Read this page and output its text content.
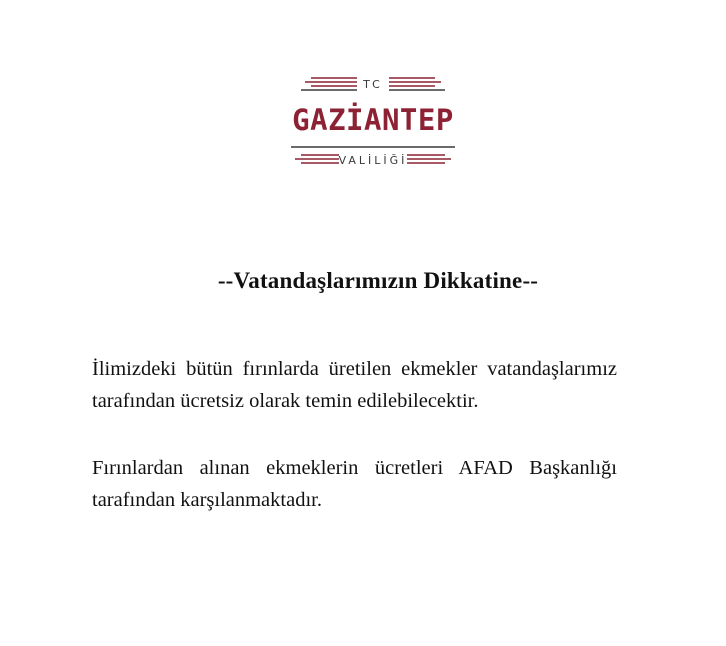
TC
GAZİANTEP
VALİLİĞİ
--Vatandaşlarımızın Dikkatine--

İlimizdeki bütün fırınlarda üretilen ekmekler vatandaşlarımız tarafından ücretsiz olarak temin edilebilecektir.

Fırınlardan alınan ekmeklerin ücretleri AFAD Başkanlığı tarafından karşılanmaktadır.
